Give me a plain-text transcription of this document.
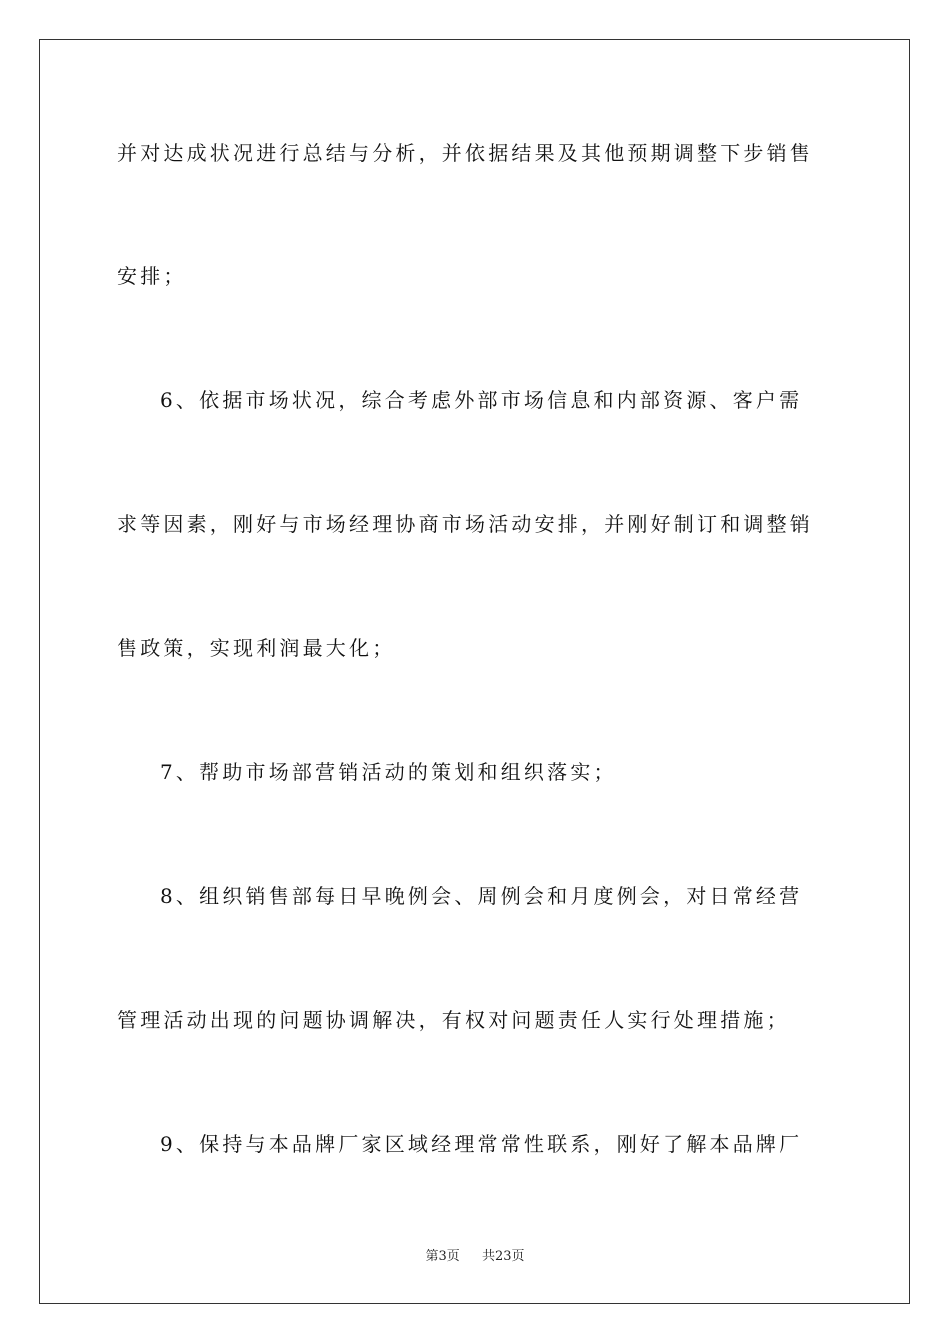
并对达成状况进行总结与分析，并依据结果及其他预期调整下步销售
安排；
6、依据市场状况，综合考虑外部市场信息和内部资源、客户需
求等因素，刚好与市场经理协商市场活动安排，并刚好制订和调整销
售政策，实现利润最大化；
7、帮助市场部营销活动的策划和组织落实；
8、组织销售部每日早晚例会、周例会和月度例会，对日常经营
管理活动出现的问题协调解决，有权对问题责任人实行处理措施；
9、保持与本品牌厂家区域经理常常性联系，刚好了解本品牌厂
第3页 共23页
